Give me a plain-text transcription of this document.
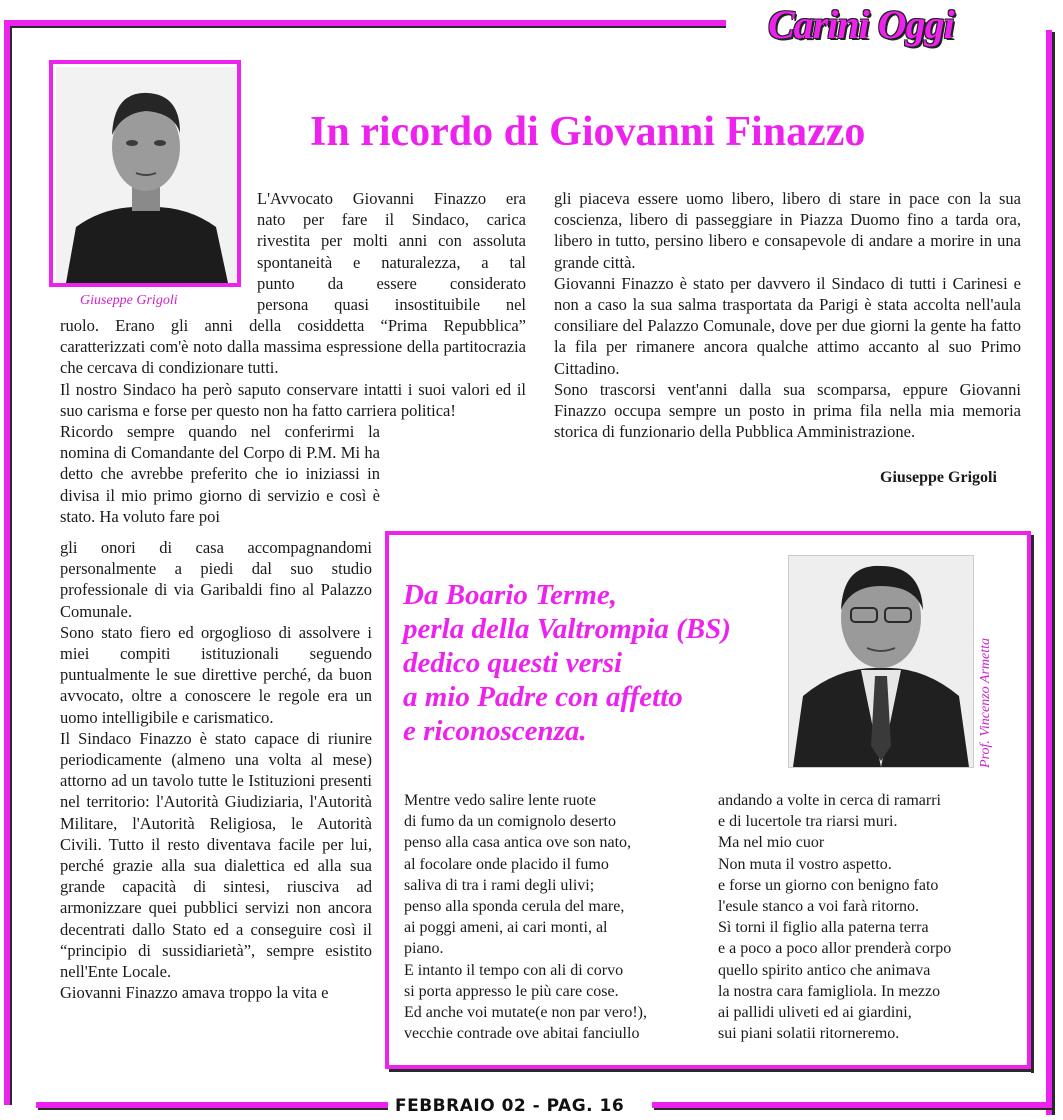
Carini Oggi
Giuseppe Grigoli
In ricordo di Giovanni Finazzo
L'Avvocato Giovanni Finazzo era
nato per fare il Sindaco, carica
rivestita per molti anni con assoluta
spontaneità e naturalezza, a tal
punto da essere considerato
persona quasi insostituibile nel

ruolo. Erano gli anni della cosiddetta “Prima Repubblica” caratterizzati com'è noto dalla massima espressione della partitocrazia che cercava di condizionare tutti.

Il nostro Sindaco ha però saputo conservare intatti i suoi valori ed il suo carisma e forse per questo non ha fatto carriera politica!

Ricordo sempre quando nel conferirmi la nomina di Comandante del Corpo di P.M. Mi ha detto che avrebbe preferito che io iniziassi in divisa il mio primo giorno di servizio e così è stato. Ha voluto fare poi

gli onori di casa accompagnandomi personalmente a piedi dal suo studio professionale di via Garibaldi fino al Palazzo Comunale.

Sono stato fiero ed orgoglioso di assolvere i miei compiti istituzionali seguendo puntualmente le sue direttive perché, da buon avvocato, oltre a conoscere le regole era un uomo intelligibile e carismatico.

Il Sindaco Finazzo è stato capace di riunire periodicamente (almeno una volta al mese) attorno ad un tavolo tutte le Istituzioni presenti nel territorio: l'Autorità Giudiziaria, l'Autorità Militare, l'Autorità Religiosa, le Autorità Civili. Tutto il resto diventava facile per lui, perché grazie alla sua dialettica ed alla sua grande capacità di sintesi, riusciva ad armonizzare quei pubblici servizi non ancora decentrati dallo Stato ed a conseguire così il “principio di sussidiarietà”, sempre esistito nell'Ente Locale.

Giovanni Finazzo amava troppo la vita e

gli piaceva essere uomo libero, libero di stare in pace con la sua coscienza, libero di passeggiare in Piazza Duomo fino a tarda ora, libero in tutto, persino libero e consapevole di andare a morire in una grande città.

Giovanni Finazzo è stato per davvero il Sindaco di tutti i Carinesi e non a caso la sua salma trasportata da Parigi è stata accolta nell'aula consiliare del Palazzo Comunale, dove per due giorni la gente ha fatto la fila per rimanere ancora qualche attimo accanto al suo Primo Cittadino.

Sono trascorsi vent'anni dalla sua scomparsa, eppure Giovanni Finazzo occupa sempre un posto in prima fila nella mia memoria storica di funzionario della Pubblica Amministrazione.

Giuseppe Grigoli
Da Boario Terme,
perla della Valtrompia (BS)
dedico questi versi
a mio Padre con affetto
e riconoscenza.	Prof. Vincenzo Armetta
Mentre vedo salire lente ruote
di fumo da un comignolo deserto
penso alla casa antica ove son nato,
al focolare onde placido il fumo
saliva di tra i rami degli ulivi;
penso alla sponda cerula del mare,
ai poggi ameni, ai cari monti, al
piano.
E intanto il tempo con ali di corvo
si porta appresso le più care cose.
Ed anche voi mutate(e non par vero!),
vecchie contrade ove abitai fanciullo
andando a volte in cerca di ramarri
e di lucertole tra riarsi muri.
Ma nel mio cuor
Non muta il vostro aspetto.
e forse un giorno con benigno fato
l'esule stanco a voi farà ritorno.
Sì torni il figlio alla paterna terra
e a poco a poco allor prenderà corpo
quello spirito antico che animava
la nostra cara famigliola. In mezzo
ai pallidi uliveti ed ai giardini,
sui piani solatii ritorneremo.
FEBBRAIO 02 - PAG. 16
